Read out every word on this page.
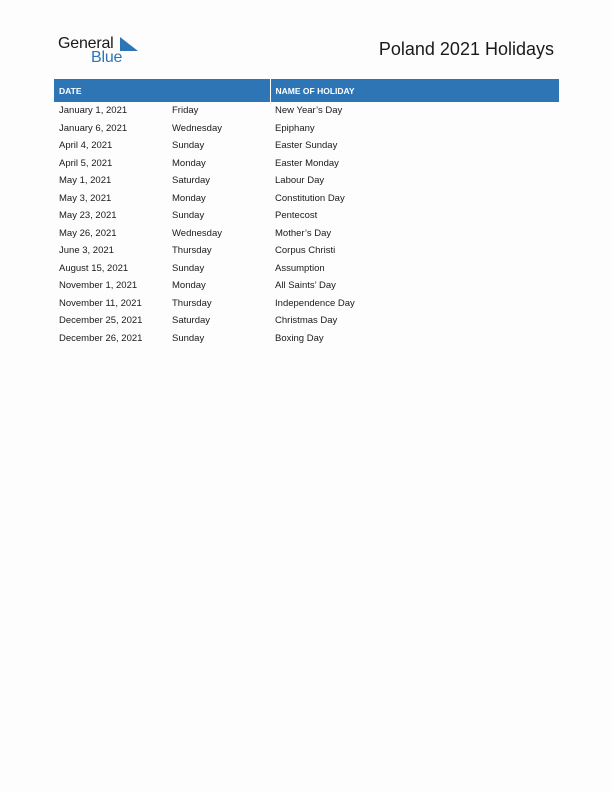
General
Blue	Poland 2021 Holidays
DATE		NAME OF HOLIDAY
January 1, 2021	Friday	New Year’s Day
January 6, 2021	Wednesday	Epiphany
April 4, 2021	Sunday	Easter Sunday
April 5, 2021	Monday	Easter Monday
May 1, 2021	Saturday	Labour Day
May 3, 2021	Monday	Constitution Day
May 23, 2021	Sunday	Pentecost
May 26, 2021	Wednesday	Mother’s Day
June 3, 2021	Thursday	Corpus Christi
August 15, 2021	Sunday	Assumption
November 1, 2021	Monday	All Saints’ Day
November 11, 2021	Thursday	Independence Day
December 25, 2021	Saturday	Christmas Day
December 26, 2021	Sunday	Boxing Day
